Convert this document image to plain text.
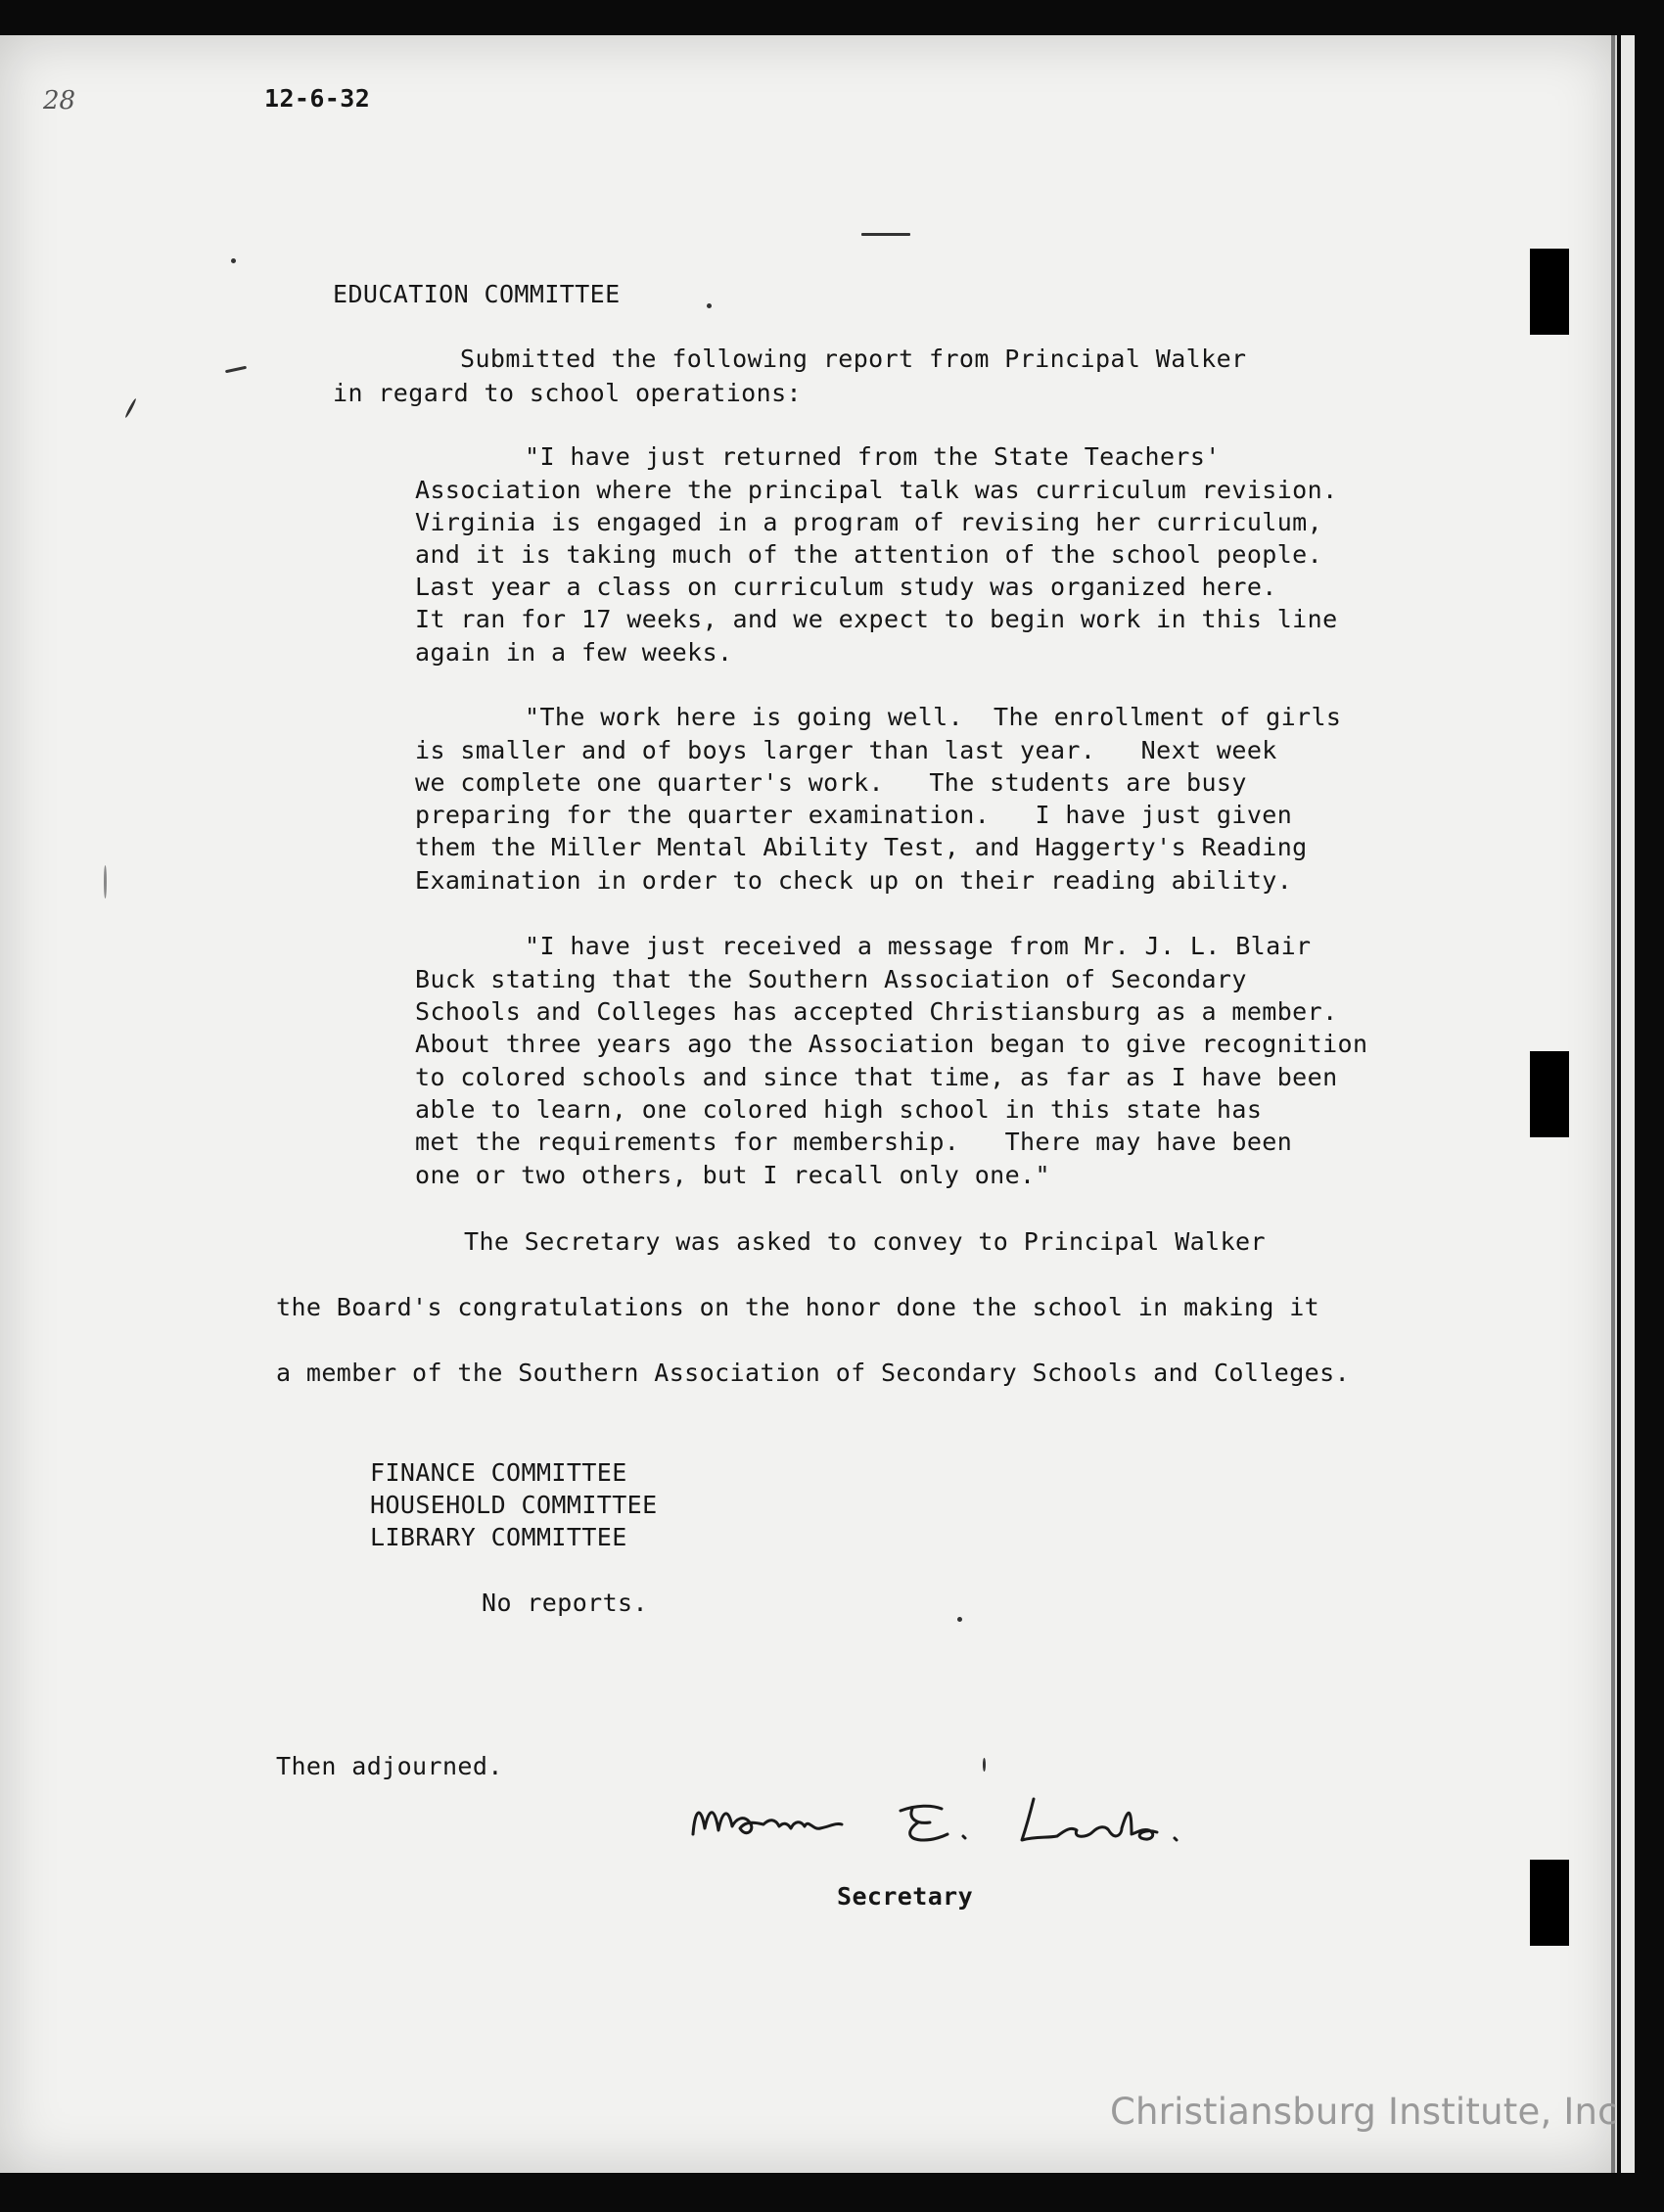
28	12-6-32
EDUCATION COMMITTEE
Submitted the following report from Principal Walker
in regard to school operations:
"I have just returned from the State Teachers'
Association where the principal talk was curriculum revision.
Virginia is engaged in a program of revising her curriculum,
and it is taking much of the attention of the school people.
Last year a class on curriculum study was organized here.
It ran for 17 weeks, and we expect to begin work in this line
again in a few weeks.
"The work here is going well.  The enrollment of girls
is smaller and of boys larger than last year.   Next week
we complete one quarter's work.   The students are busy
preparing for the quarter examination.   I have just given
them the Miller Mental Ability Test, and Haggerty's Reading
Examination in order to check up on their reading ability.
"I have just received a message from Mr. J. L. Blair
Buck stating that the Southern Association of Secondary
Schools and Colleges has accepted Christiansburg as a member.
About three years ago the Association began to give recognition
to colored schools and since that time, as far as I have been
able to learn, one colored high school in this state has
met the requirements for membership.   There may have been
one or two others, but I recall only one."
The Secretary was asked to convey to Principal Walker
the Board's congratulations on the honor done the school in making it
a member of the Southern Association of Secondary Schools and Colleges.
FINANCE COMMITTEE
HOUSEHOLD COMMITTEE
LIBRARY COMMITTEE
No reports.
Then adjourned.
Secretary
Christiansburg Institute, Inc
